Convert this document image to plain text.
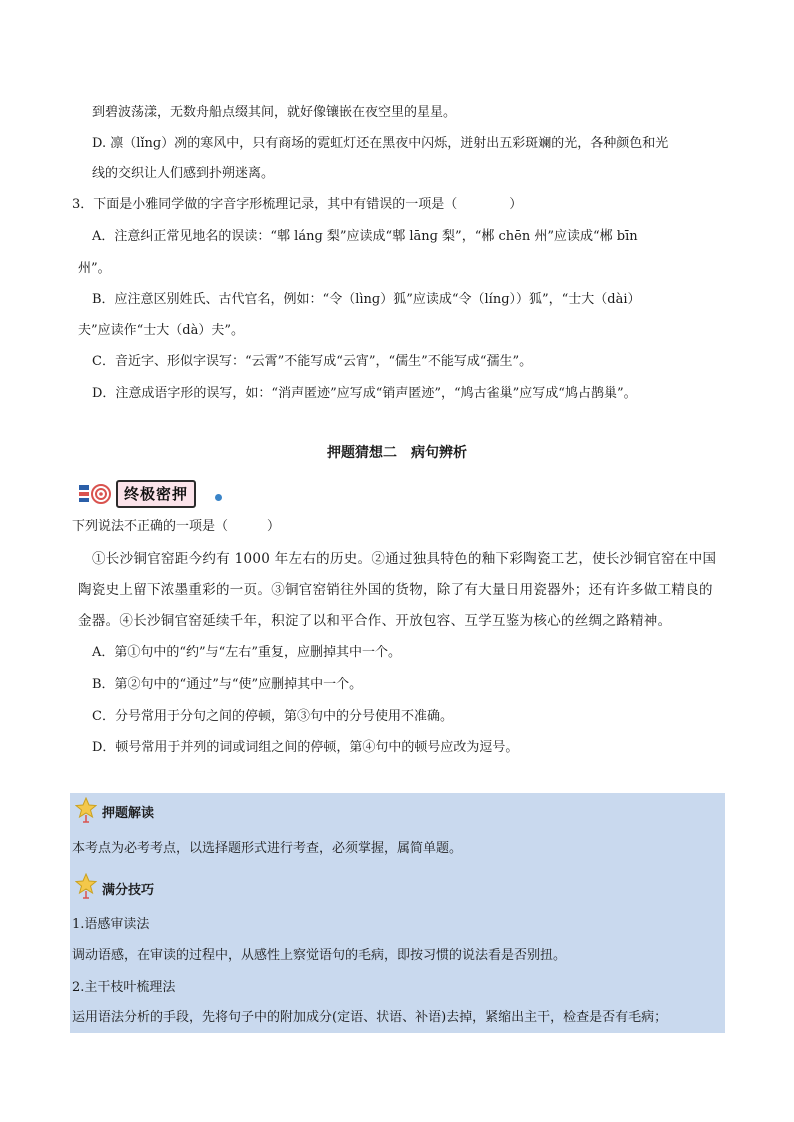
到碧波荡漾，无数舟船点缀其间，就好像镶嵌在夜空里的星星。
D. 凛（lǐnɡ）冽的寒风中，只有商场的霓虹灯还在黑夜中闪烁，迸射出五彩斑斓的光，各种颜色和光
线的交织让人们感到扑朔迷离。
3．下面是小雅同学做的字音字形梳理记录，其中有错误的一项是（　　　　）
A．注意纠正常见地名的误读：“郫 lánɡ 梨”应读成“郫 lānɡ 梨”，“郴 chēn 州”应读成“郴 bīn
州”。
B．应注意区别姓氏、古代官名，例如：“令（lìnɡ）狐”应读成“令（línɡ））狐”，“士大（dài）
夫”应读作“士大（dà）夫”。
C．音近字、形似字误写：“云霄”不能写成“云宵”，“儒生”不能写成“孺生”。
D．注意成语字形的误写，如：“消声匿迹”应写成“销声匿迹”，“鸠古雀巢”应写成“鸠占鹊巢”。
押题猜想二　病句辨析
终极密押
下列说法不正确的一项是（　　　）
①长沙铜官窑距今约有 1000 年左右的历史。②通过独具特色的釉下彩陶瓷工艺，使长沙铜官窑在中国
陶瓷史上留下浓墨重彩的一页。③铜官窑销往外国的货物，除了有大量日用瓷器外；还有许多做工精良的
金器。④长沙铜官窑延续千年，积淀了以和平合作、开放包容、互学互鉴为核心的丝绸之路精神。
A．第①句中的“约”与“左右”重复，应删掉其中一个。
B．第②句中的“通过”与“使”应删掉其中一个。
C．分号常用于分句之间的停顿，第③句中的分号使用不准确。
D．顿号常用于并列的词或词组之间的停顿，第④句中的顿号应改为逗号。
押题解读
本考点为必考考点，以选择题形式进行考查，必须掌握，属简单题。
满分技巧
1.语感审读法
调动语感，在审读的过程中，从感性上察觉语句的毛病，即按习惯的说法看是否别扭。
2.主干枝叶梳理法
运用语法分析的手段，先将句子中的附加成分(定语、状语、补语)去掉，紧缩出主干，检查是否有毛病；
